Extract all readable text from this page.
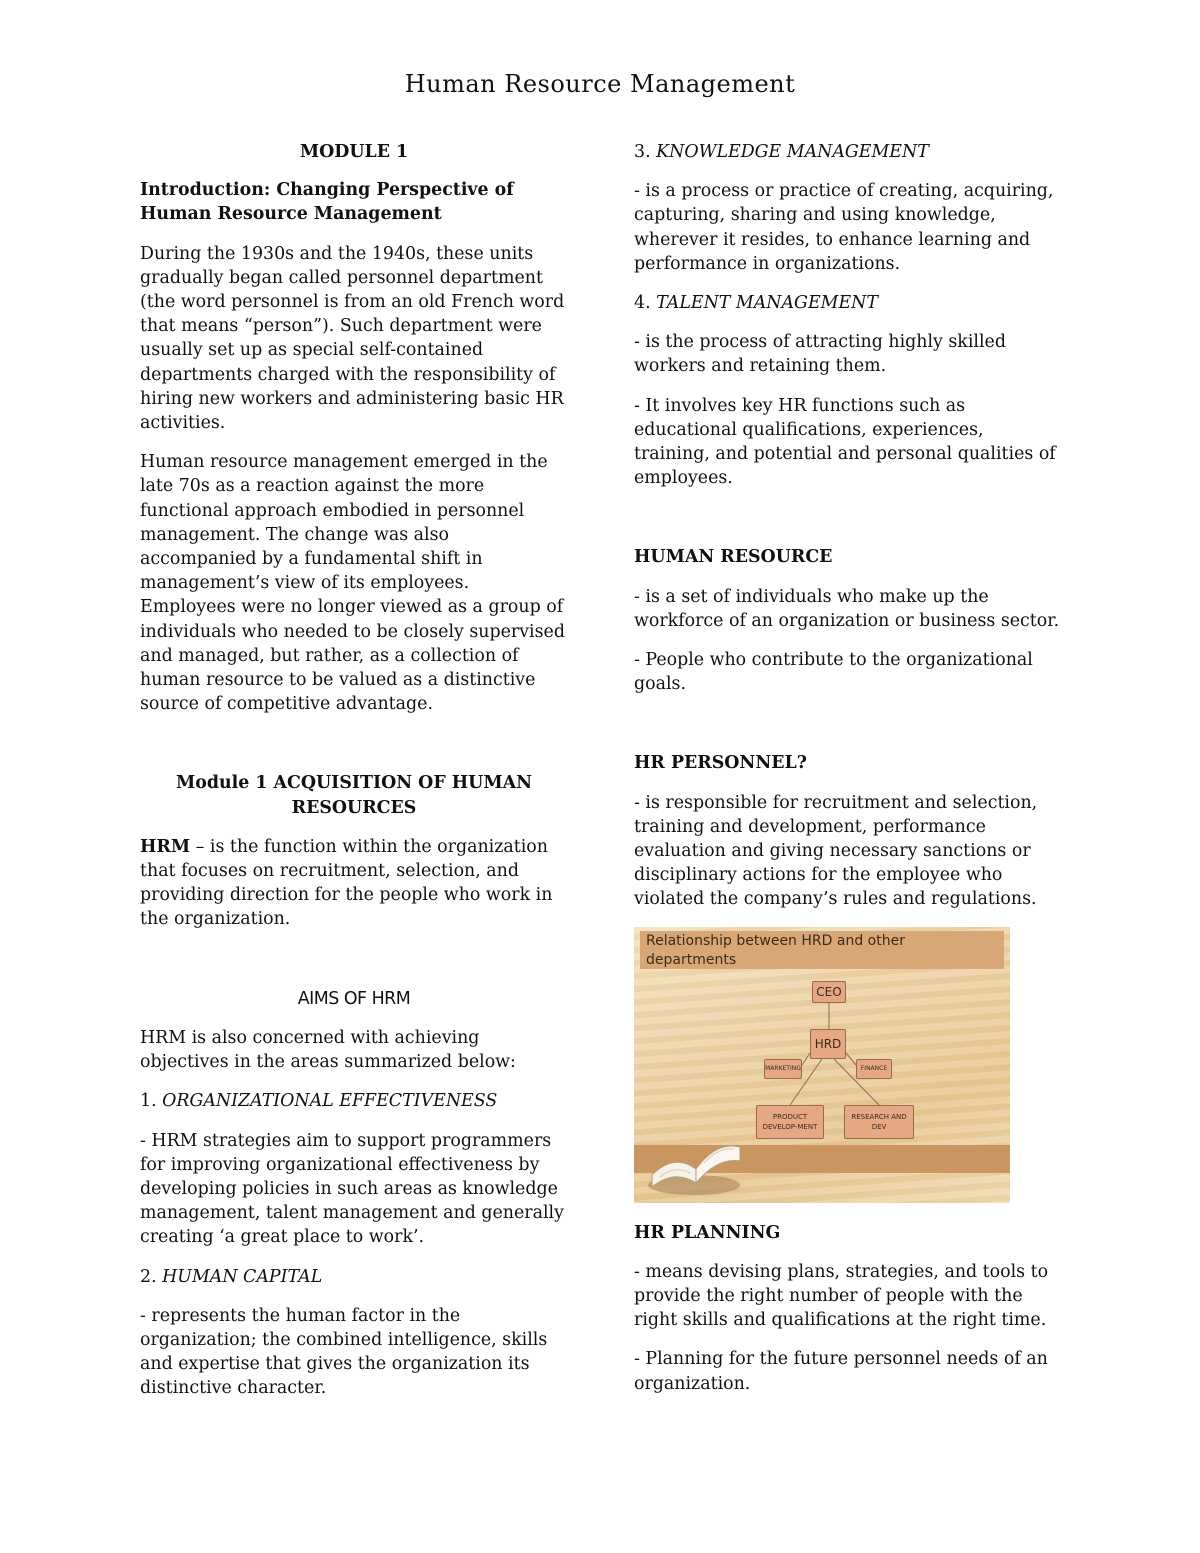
Human Resource Management

MODULE 1

Introduction: Changing Perspective of Human Resource Management

During the 1930s and the 1940s, these units gradually began called personnel department (the word personnel is from an old French word that means “person”). Such department were usually set up as special self-contained departments charged with the responsibility of hiring new workers and administering basic HR activities.

Human resource management emerged in the late 70s as a reaction against the more functional approach embodied in personnel management. The change was also accompanied by a fundamental shift in management’s view of its employees. Employees were no longer viewed as a group of individuals who needed to be closely supervised and managed, but rather, as a collection of human resource to be valued as a distinctive source of competitive advantage.

Module 1 ACQUISITION OF HUMAN RESOURCES

HRM – is the function within the organization that focuses on recruitment, selection, and providing direction for the people who work in the organization.

AIMS OF HRM

HRM is also concerned with achieving objectives in the areas summarized below:

1. ORGANIZATIONAL EFFECTIVENESS

- HRM strategies aim to support programmers for improving organizational effectiveness by developing policies in such areas as knowledge management, talent management and generally creating ‘a great place to work’.

2. HUMAN CAPITAL

- represents the human factor in the organization; the combined intelligence, skills and expertise that gives the organization its distinctive character.

3. KNOWLEDGE MANAGEMENT

- is a process or practice of creating, acquiring, capturing, sharing and using knowledge, wherever it resides, to enhance learning and performance in organizations.

4. TALENT MANAGEMENT

- is the process of attracting highly skilled workers and retaining them.

- It involves key HR functions such as educational qualifications, experiences, training, and potential and personal qualities of employees.

HUMAN RESOURCE

- is a set of individuals who make up the workforce of an organization or business sector.

- People who contribute to the organizational goals.

HR PERSONNEL?

- is responsible for recruitment and selection, training and development, performance evaluation and giving necessary sanctions or disciplinary actions for the employee who violated the company’s rules and regulations.

Relationship between HRD and other
departments
CEO
HRD
MARKETING	FINANCE
PRODUCT DEVELOP-MENT
RESEARCH AND DEV

HR PLANNING

- means devising plans, strategies, and tools to provide the right number of people with the right skills and qualifications at the right time.

- Planning for the future personnel needs of an organization.
